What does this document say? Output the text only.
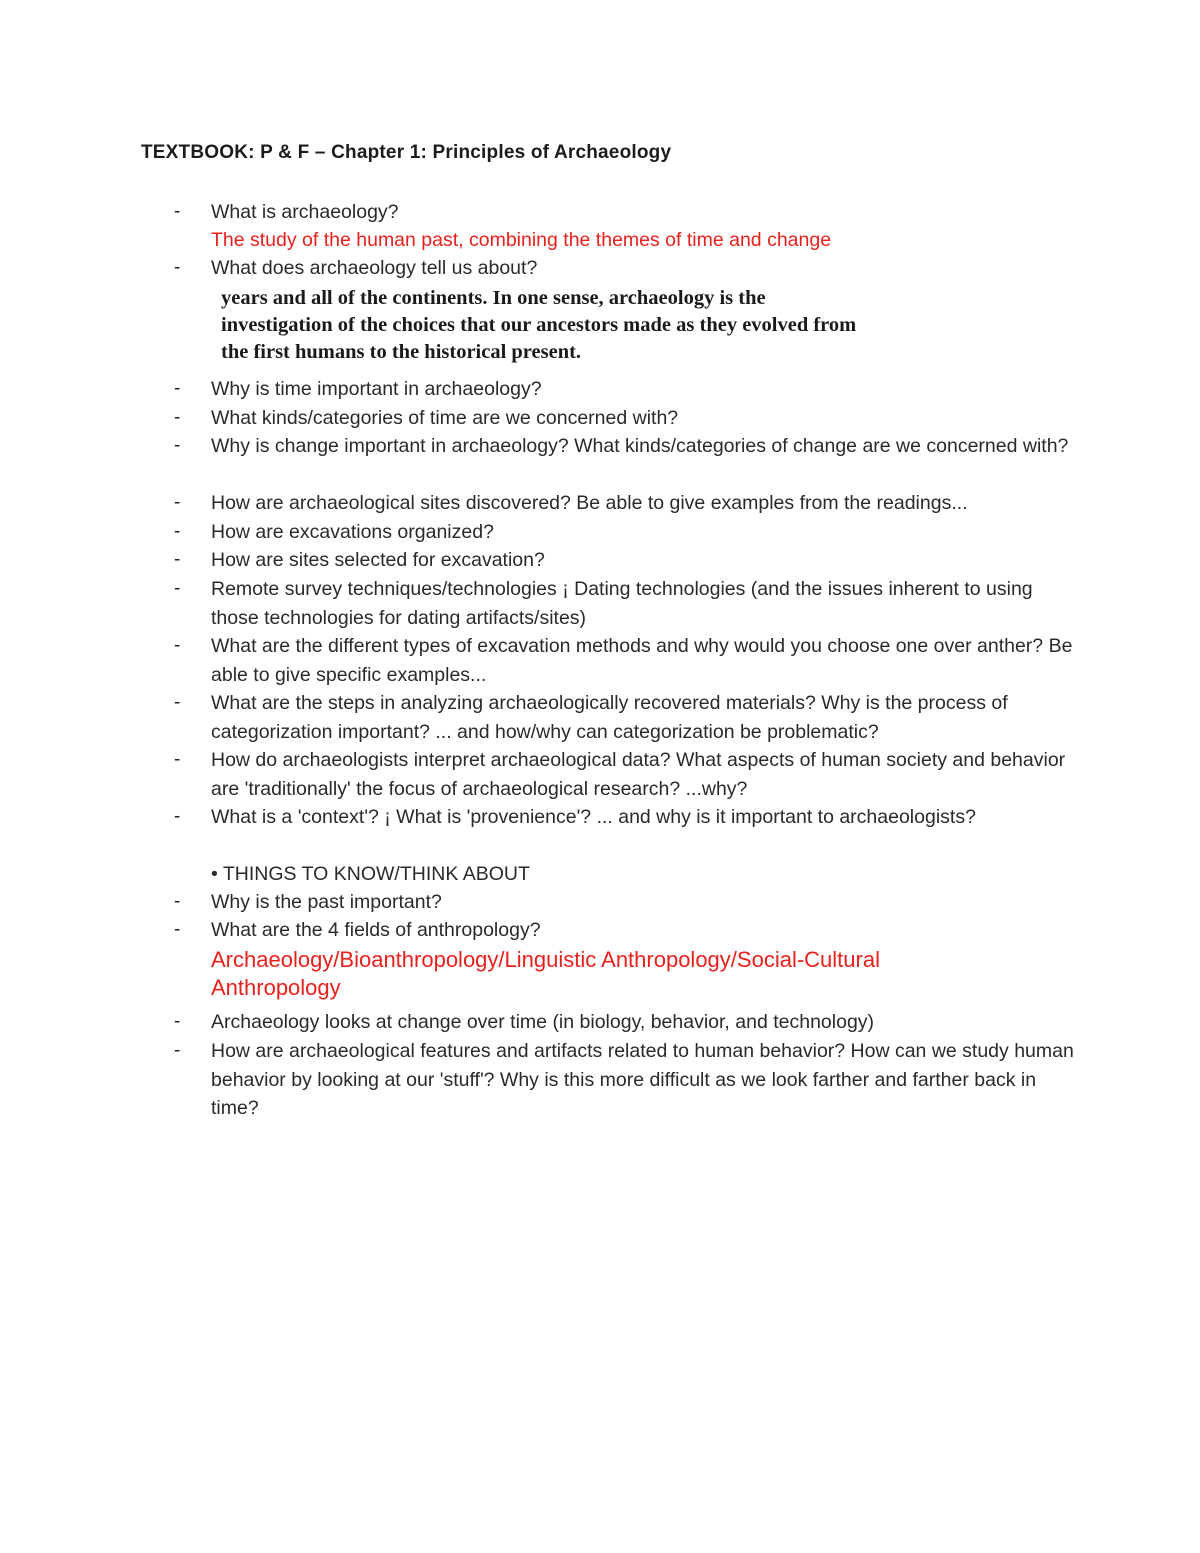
TEXTBOOK: P & F – Chapter 1: Principles of Archaeology
- What is archaeology?
The study of the human past, combining the themes of time and change
- What does archaeology tell us about?
years and all of the continents. In one sense, archaeology is the
investigation of the choices that our ancestors made as they evolved from
the first humans to the historical present.
- Why is time important in archaeology?
- What kinds/categories of time are we concerned with?
- Why is change important in archaeology? What kinds/categories of change are we concerned with?
- How are archaeological sites discovered? Be able to give examples from the readings...
- How are excavations organized?
- How are sites selected for excavation?
- Remote survey techniques/technologies ¡ Dating technologies (and the issues inherent to using those technologies for dating artifacts/sites)
- What are the different types of excavation methods and why would you choose one over anther? Be able to give specific examples...
- What are the steps in analyzing archaeologically recovered materials? Why is the process of categorization important? ... and how/why can categorization be problematic?
- How do archaeologists interpret archaeological data? What aspects of human society and behavior are 'traditionally' the focus of archaeological research? ...why?
- What is a 'context'? ¡ What is 'provenience'? ... and why is it important to archaeologists?
• THINGS TO KNOW/THINK ABOUT
- Why is the past important?
- What are the 4 fields of anthropology?
Archaeology/Bioanthropology/Linguistic Anthropology/Social-Cultural Anthropology
- Archaeology looks at change over time (in biology, behavior, and technology)
- How are archaeological features and artifacts related to human behavior? How can we study human behavior by looking at our 'stuff'? Why is this more difficult as we look farther and farther back in time?
